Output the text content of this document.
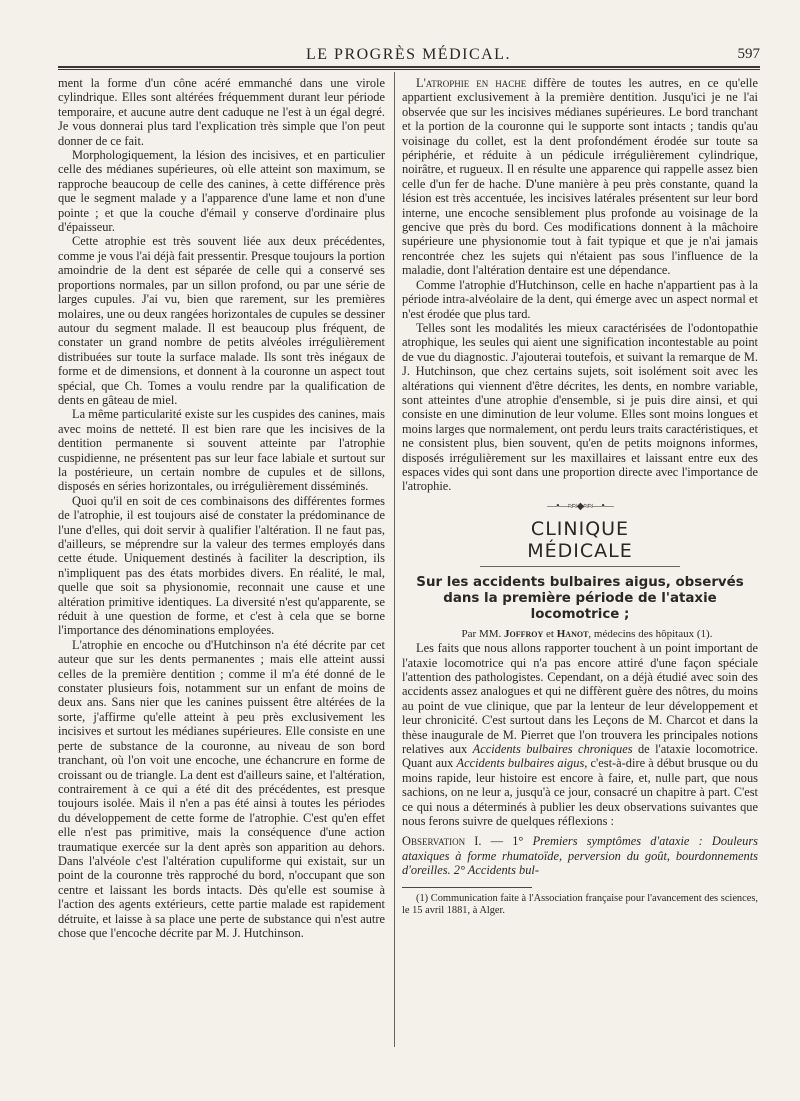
LE PROGRÈS MÉDICAL.	597

ment la forme d'un cône acéré emmanché dans une virole cylindrique. Elles sont altérées fréquemment durant leur période temporaire, et aucune autre dent caduque ne l'est à un égal degré. Je vous donnerai plus tard l'explication très simple que l'on peut donner de ce fait.

Morphologiquement, la lésion des incisives, et en particulier celle des médianes supérieures, où elle atteint son maximum, se rapproche beaucoup de celle des canines, à cette différence près que le segment malade y a l'apparence d'une lame et non d'une pointe ; et que la couche d'émail y conserve d'ordinaire plus d'épaisseur.

Cette atrophie est très souvent liée aux deux précédentes, comme je vous l'ai déjà fait pressentir. Presque toujours la portion amoindrie de la dent est séparée de celle qui a conservé ses proportions normales, par un sillon profond, ou par une série de larges cupules. J'ai vu, bien que rarement, sur les premières molaires, une ou deux rangées horizontales de cupules se dessiner autour du segment malade. Il est beaucoup plus fréquent, de constater un grand nombre de petits alvéoles irrégulièrement distribuées sur toute la surface malade. Ils sont très inégaux de forme et de dimensions, et donnent à la couronne un aspect tout spécial, que Ch. Tomes a voulu rendre par la qualification de dents en gâteau de miel.

La même particularité existe sur les cuspides des canines, mais avec moins de netteté. Il est bien rare que les incisives de la dentition permanente si souvent atteinte par l'atrophie cuspidienne, ne présentent pas sur leur face labiale et surtout sur la postérieure, un certain nombre de cupules et de sillons, disposés en séries horizontales, ou irrégulièrement disséminés.

Quoi qu'il en soit de ces combinaisons des différentes formes de l'atrophie, il est toujours aisé de constater la prédominance de l'une d'elles, qui doit servir à qualifier l'altération. Il ne faut pas, d'ailleurs, se méprendre sur la valeur des termes employés dans cette étude. Uniquement destinés à faciliter la description, ils n'impliquent pas des états morbides divers. En réalité, le mal, quelle que soit sa physionomie, reconnait une cause et une altération primitive identiques. La diversité n'est qu'apparente, se réduit à une question de forme, et c'est à cela que se borne l'importance des dénominations employées.

L'atrophie en encoche ou d'Hutchinson n'a été décrite par cet auteur que sur les dents permanentes ; mais elle atteint aussi celles de la première dentition ; comme il m'a été donné de le constater plusieurs fois, notamment sur un enfant de moins de deux ans. Sans nier que les canines puissent être altérées de la sorte, j'affirme qu'elle atteint à peu près exclusivement les incisives et surtout les médianes supérieures. Elle consiste en une perte de substance de la couronne, au niveau de son bord tranchant, où l'on voit une encoche, une échancrure en forme de croissant ou de triangle. La dent est d'ailleurs saine, et l'altération, contrairement à ce qui a été dit des précédentes, est presque toujours isolée. Mais il n'en a pas été ainsi à toutes les périodes du développement de cette forme de l'atrophie. C'est qu'en effet elle n'est pas primitive, mais la conséquence d'une action traumatique exercée sur la dent après son apparition au dehors. Dans l'alvéole c'est l'altération cupuliforme qui existait, sur un point de la couronne très rapproché du bord, n'occupant que son centre et laissant les bords intacts. Dès qu'elle est soumise à l'action des agents extérieurs, cette partie malade est rapidement détruite, et laisse à sa place une perte de substance qui n'est autre chose que l'encoche décrite par M. J. Hutchinson.

L'atrophie en hache diffère de toutes les autres, en ce qu'elle appartient exclusivement à la première dentition. Jusqu'ici je ne l'ai observée que sur les incisives médianes supérieures. Le bord tranchant et la portion de la couronne qui le supporte sont intacts ; tandis qu'au voisinage du collet, est la dent profondément érodée sur toute sa périphérie, et réduite à un pédicule irrégulièrement cylindrique, noirâtre, et rugueux. Il en résulte une apparence qui rappelle assez bien celle d'un fer de hache. D'une manière à peu près constante, quand la lésion est très accentuée, les incisives latérales présentent sur leur bord interne, une encoche sensiblement plus profonde au voisinage de la gencive que près du bord. Ces modifications donnent à la mâchoire supérieure une physionomie tout à fait typique et que je n'ai jamais rencontrée chez les sujets qui n'étaient pas sous l'influence de la maladie, dont l'altération dentaire est une dépendance.

Comme l'atrophie d'Hutchinson, celle en hache n'appartient pas à la période intra-alvéolaire de la dent, qui émerge avec un aspect normal et n'est érodée que plus tard.

Telles sont les modalités les mieux caractérisées de l'odontopathie atrophique, les seules qui aient une signification incontestable au point de vue du diagnostic. J'ajouterai toutefois, et suivant la remarque de M. J. Hutchinson, que chez certains sujets, soit isolément soit avec les altérations qui viennent d'être décrites, les dents, en nombre variable, sont atteintes d'une atrophie d'ensemble, si je puis dire ainsi, et qui consiste en une diminution de leur volume. Elles sont moins longues et moins larges que normalement, ont perdu leurs traits caractéristiques, et ne consistent plus, bien souvent, qu'en de petits moignons informes, disposés irrégulièrement sur les maxillaires et laissant entre eux des espaces vides qui sont dans une proportion directe avec l'importance de l'atrophie.

—•—≈≈◆≈≈—•—
CLINIQUE MÉDICALE
Sur les accidents bulbaires aigus, observés dans la première période de l'ataxie locomotrice ;

Par MM. Joffroy et Hanot, médecins des hôpitaux (1).

Les faits que nous allons rapporter touchent à un point important de l'ataxie locomotrice qui n'a pas encore attiré d'une façon spéciale l'attention des pathologistes. Cependant, on a déjà étudié avec soin des accidents assez analogues et qui ne diffèrent guère des nôtres, du moins au point de vue clinique, que par la lenteur de leur développement et leur chronicité. C'est surtout dans les Leçons de M. Charcot et dans la thèse inaugurale de M. Pierret que l'on trouvera les principales notions relatives aux Accidents bulbaires chroniques de l'ataxie locomotrice. Quant aux Accidents bulbaires aigus, c'est-à-dire à début brusque ou du moins rapide, leur histoire est encore à faire, et, nulle part, que nous sachions, on ne leur a, jusqu'à ce jour, consacré un chapitre à part. C'est ce qui nous a déterminés à publier les deux observations suivantes que nous ferons suivre de quelques réflexions :

Observation I. — 1° Premiers symptômes d'ataxie : Douleurs ataxiques à forme rhumatoïde, perversion du goût, bourdonnements d'oreilles. 2° Accidents bul-

(1) Communication faite à l'Association française pour l'avancement des sciences, le 15 avril 1881, à Alger.
